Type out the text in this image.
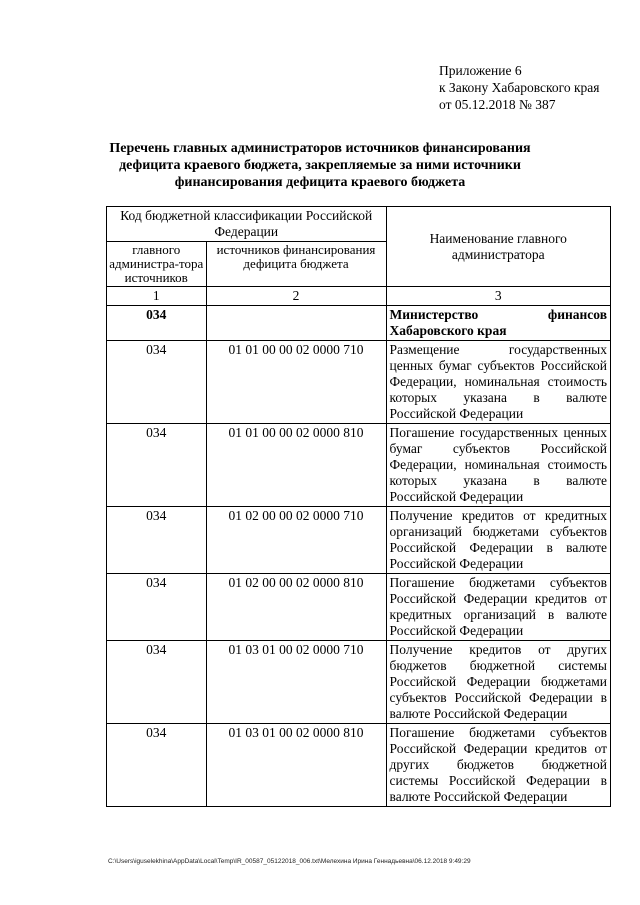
Приложение 6
к Закону Хабаровского края
от 05.12.2018 № 387
Перечень главных администраторов источников финансирования дефицита краевого бюджета, закрепляемые за ними источники финансирования дефицита краевого бюджета
Код бюджетной классификации Российской Федерации		Наименование главного администратора
главного администра-тора источников	источников финансирования дефицита бюджета	
1	2	3
034		Министерство финансов Хабаровского края
034	01 01 00 00 02 0000 710	Размещение государственных ценных бумаг субъектов Российской Федерации, номинальная стоимость которых указана в валюте Российской Федерации
034	01 01 00 00 02 0000 810	Погашение государственных ценных бумаг субъектов Российской Федерации, номинальная стоимость которых указана в валюте Российской Федерации
034	01 02 00 00 02 0000 710	Получение кредитов от кредитных организаций бюджетами субъектов Российской Федерации в валюте Российской Федерации
034	01 02 00 00 02 0000 810	Погашение бюджетами субъектов Российской Федерации кредитов от кредитных организаций в валюте Российской Федерации
034	01 03 01 00 02 0000 710	Получение кредитов от других бюджетов бюджетной системы Российской Федерации бюджетами субъектов Российской Федерации в валюте Российской Федерации
034	01 03 01 00 02 0000 810	Погашение бюджетами субъектов Российской Федерации кредитов от других бюджетов бюджетной системы Российской Федерации в валюте Российской Федерации
C:\Users\iguselekhina\AppData\Local\Temp\IR_00587_05122018_006.txt\Мелехина Ирина Геннадьевна\06.12.2018 9:49:29
